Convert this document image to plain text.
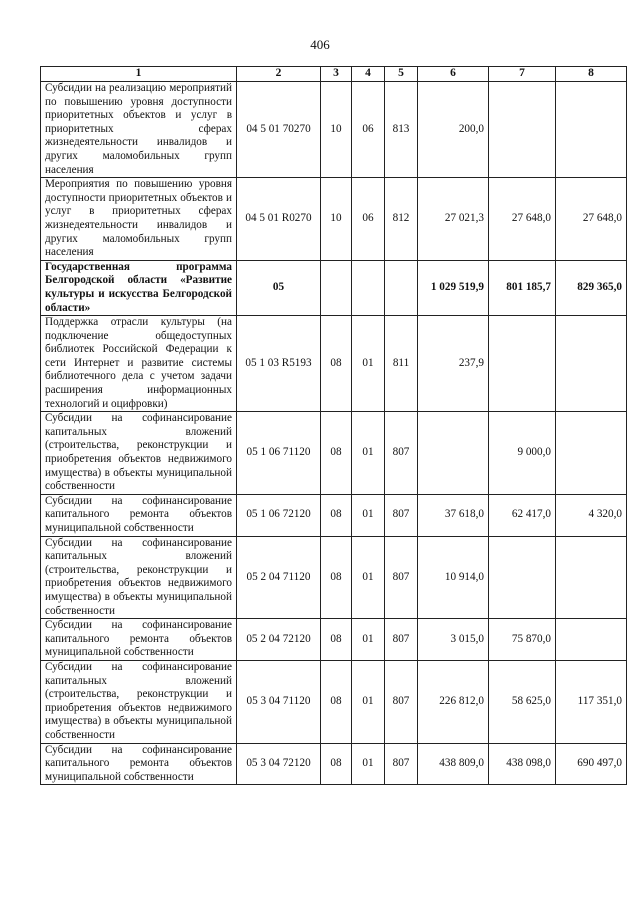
406
1	2	3	4	5	6	7	8
Субсидии на реализацию мероприятий по повышению уровня доступности приоритетных объектов и услуг в приоритетных сферах жизнедеятельности инвалидов и других маломобильных групп населения	04 5 01 70270	10	06	813	200,0		
Мероприятия по повышению уровня доступности приоритетных объектов и услуг в приоритетных сферах жизнедеятельности инвалидов и других маломобильных групп населения	04 5 01 R0270	10	06	812	27 021,3	27 648,0	27 648,0
Государственная программа Белгородской области «Развитие культуры и искусства Белгородской области»	05				1 029 519,9	801 185,7	829 365,0
Поддержка отрасли культуры (на подключение общедоступных библиотек Российской Федерации к сети Интернет и развитие системы библиотечного дела с учетом задачи расширения информационных технологий и оцифровки)	05 1 03 R5193	08	01	811	237,9		
Субсидии на софинансирование капитальных вложений (строительства, реконструкции и приобретения объектов недвижимого имущества) в объекты муниципальной собственности	05 1 06 71120	08	01	807		9 000,0	
Субсидии на софинансирование капитального ремонта объектов муниципальной собственности	05 1 06 72120	08	01	807	37 618,0	62 417,0	4 320,0
Субсидии на софинансирование капитальных вложений (строительства, реконструкции и приобретения объектов недвижимого имущества) в объекты муниципальной собственности	05 2 04 71120	08	01	807	10 914,0		
Субсидии на софинансирование капитального ремонта объектов муниципальной собственности	05 2 04 72120	08	01	807	3 015,0	75 870,0	
Субсидии на софинансирование капитальных вложений (строительства, реконструкции и приобретения объектов недвижимого имущества) в объекты муниципальной собственности	05 3 04 71120	08	01	807	226 812,0	58 625,0	117 351,0
Субсидии на софинансирование капитального ремонта объектов муниципальной собственности	05 3 04 72120	08	01	807	438 809,0	438 098,0	690 497,0
